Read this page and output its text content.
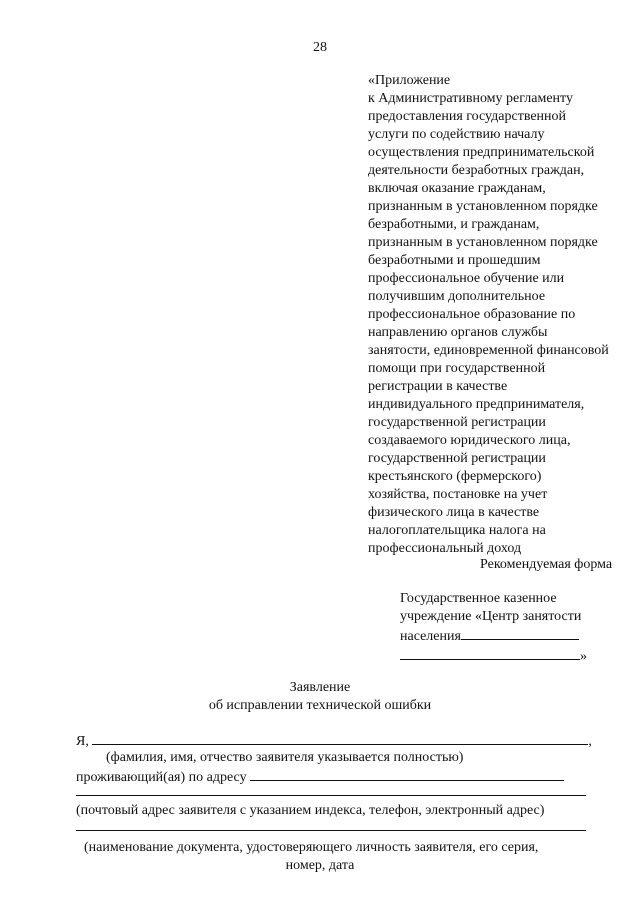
28
«Приложение
к Административному регламенту
предоставления государственной
услуги по содействию началу
осуществления предпринимательской
деятельности безработных граждан,
включая оказание гражданам,
признанным в установленном порядке
безработными, и гражданам,
признанным в установленном порядке
безработными и прошедшим
профессиональное обучение или
получившим дополнительное
профессиональное образование по
направлению органов службы
занятости, единовременной финансовой
помощи при государственной
регистрации в качестве
индивидуального предпринимателя,
государственной регистрации
создаваемого юридического лица,
государственной регистрации
крестьянского (фермерского)
хозяйства, постановке на учет
физического лица в качестве
налогоплательщика налога на
профессиональный доход
Рекомендуемая форма
Государственное казенное
учреждение «Центр занятости
населения
»
Заявление
об исправлении технической ошибки
Я,	,
(фамилия, имя, отчество заявителя указывается полностью)
проживающий(ая) по адресу
(почтовый адрес заявителя с указанием индекса, телефон, электронный адрес)
(наименование документа, удостоверяющего личность заявителя, его серия,
номер, дата
